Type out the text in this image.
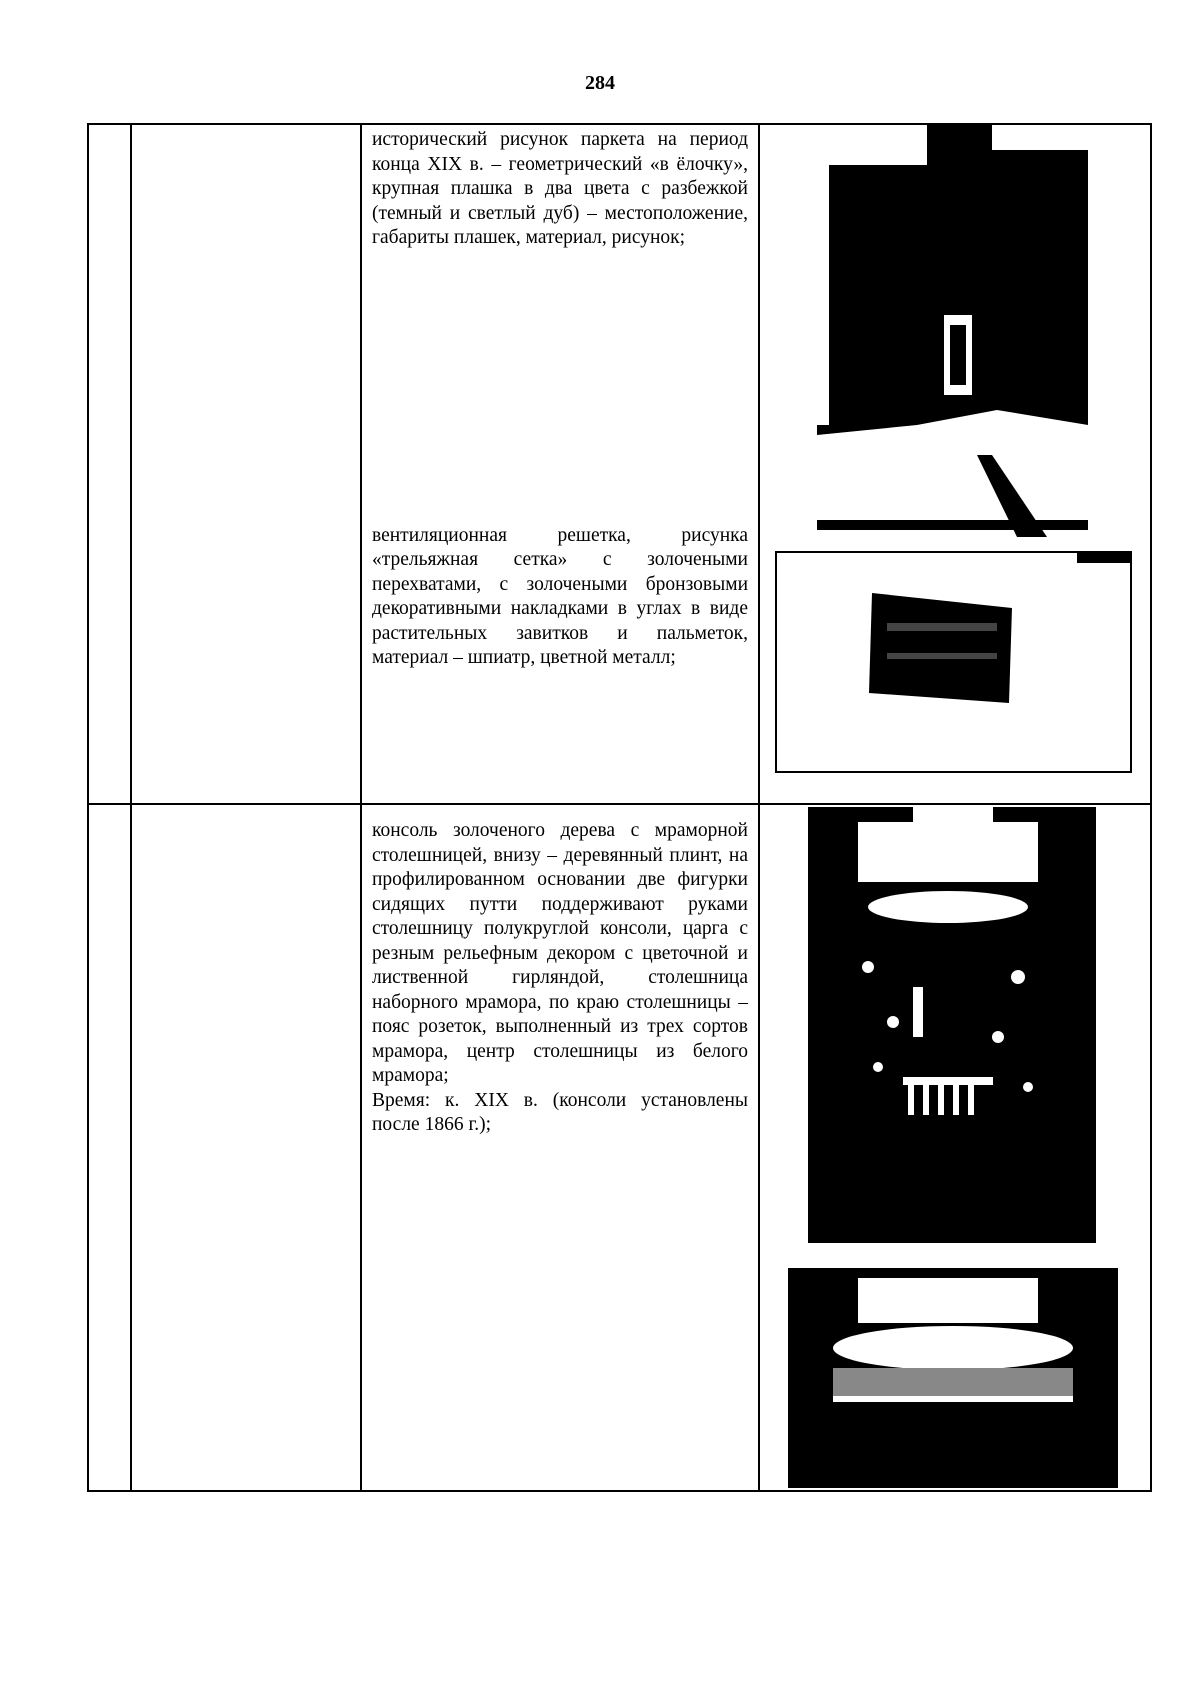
284

		исторический рисунок паркета на период конца XIX в. – геометрический «в ёлочку», крупная плашка в два цвета с разбежкой (темный и светлый дуб) – местоположение, габариты плашек, материал, рисунок;
вентиляционная решетка, рисунка «трельяжная сетка» с золочеными перехватами, с золочеными бронзовыми декоративными накладками в углах в виде растительных завитков и пальметок, материал – шпиатр, цветной металл;

		консоль золоченого дерева с мраморной столешницей, внизу – деревянный плинт, на профилированном основании две фигурки сидящих путти поддерживают руками столешницу полукруглой консоли, царга с резным рельефным декором с цветочной и лиственной гирляндой, столешница наборного мрамора, по краю столешницы – пояс розеток, выполненный из трех сортов мрамора, центр столешницы из белого мрамора;
Время: к. XIX в. (консоли установлены после 1866 г.);
